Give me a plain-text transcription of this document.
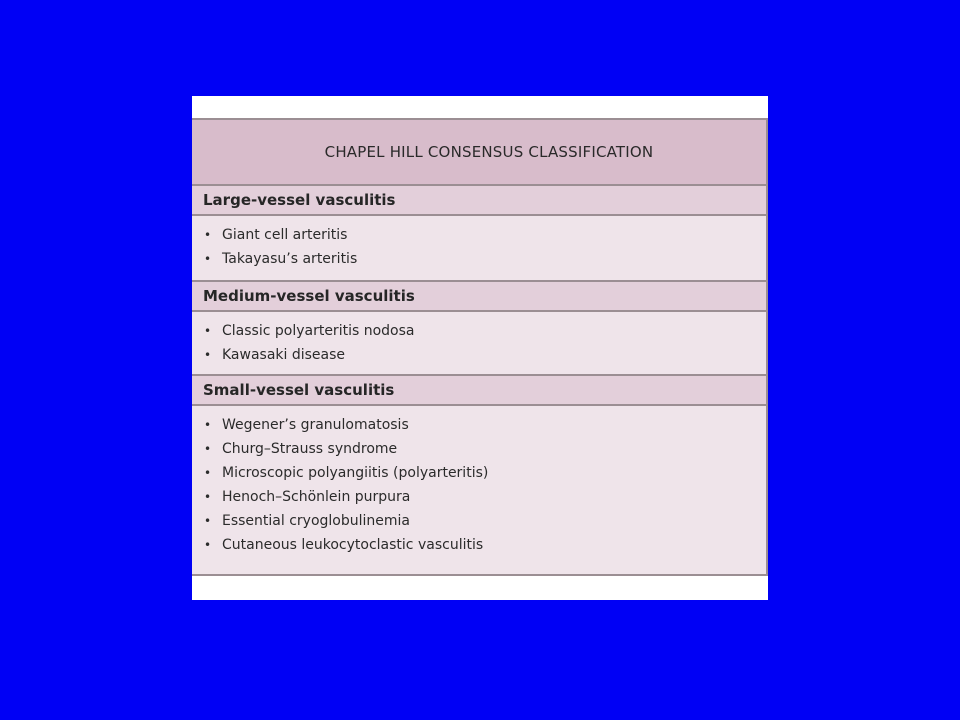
CHAPEL HILL CONSENSUS CLASSIFICATION
Large-vessel vasculitis
• Giant cell arteritis
• Takayasu’s arteritis
Medium-vessel vasculitis
• Classic polyarteritis nodosa
• Kawasaki disease
Small-vessel vasculitis
• Wegener’s granulomatosis
• Churg–Strauss syndrome
• Microscopic polyangiitis (polyarteritis)
• Henoch–Schönlein purpura
• Essential cryoglobulinemia
• Cutaneous leukocytoclastic vasculitis
